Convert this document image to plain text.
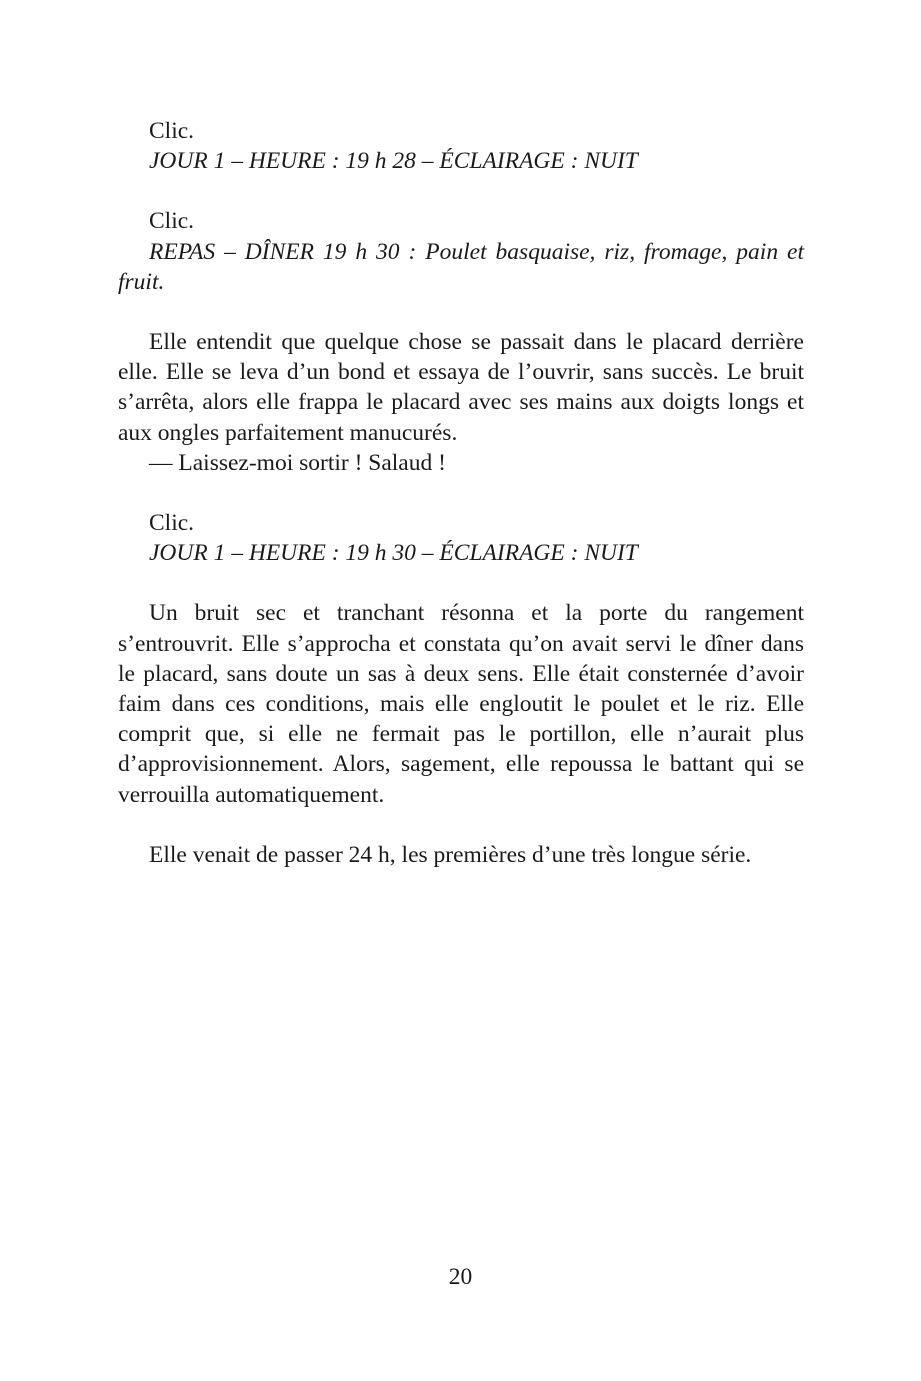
Clic.

JOUR 1 – HEURE : 19 h 28 – ÉCLAIRAGE : NUIT

Clic.

REPAS – DÎNER 19 h 30 : Poulet basquaise, riz, fromage, pain et fruit.

Elle entendit que quelque chose se passait dans le placard derrière elle. Elle se leva d’un bond et essaya de l’ouvrir, sans succès. Le bruit s’arrêta, alors elle frappa le placard avec ses mains aux doigts longs et aux ongles parfaitement manucurés.

— Laissez-moi sortir ! Salaud !

Clic.

JOUR 1 – HEURE : 19 h 30 – ÉCLAIRAGE : NUIT

Un bruit sec et tranchant résonna et la porte du rangement s’entrouvrit. Elle s’approcha et constata qu’on avait servi le dîner dans le placard, sans doute un sas à deux sens. Elle était consternée d’avoir faim dans ces conditions, mais elle engloutit le poulet et le riz. Elle comprit que, si elle ne fermait pas le portillon, elle n’aurait plus d’approvisionnement. Alors, sagement, elle repoussa le battant qui se verrouilla automatiquement.

Elle venait de passer 24 h, les premières d’une très longue série.

20
